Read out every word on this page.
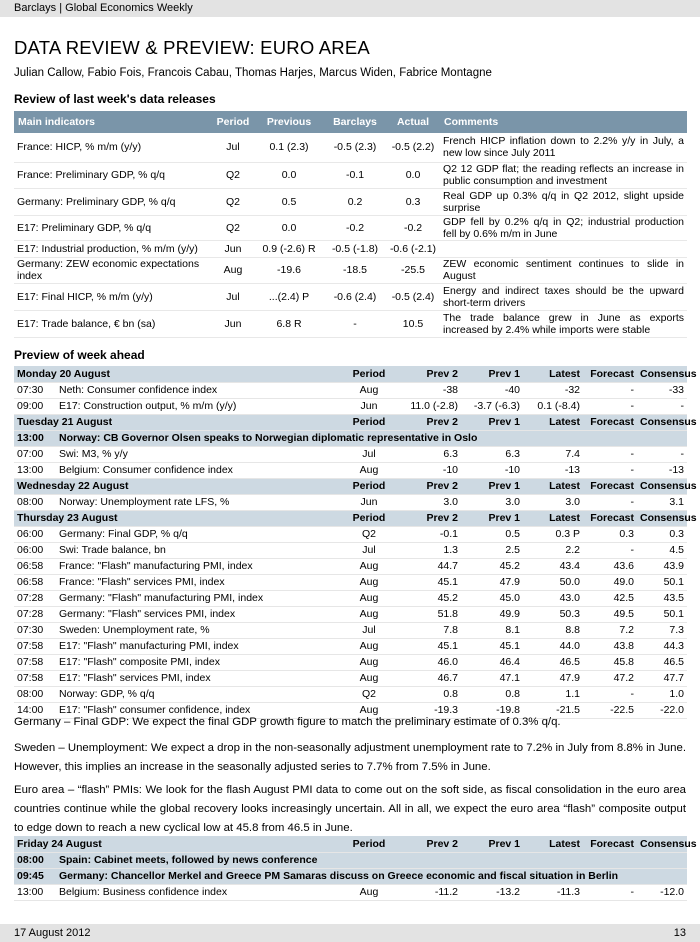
Barclays | Global Economics Weekly
DATA REVIEW & PREVIEW: EURO AREA
Julian Callow, Fabio Fois, Francois Cabau, Thomas Harjes, Marcus Widen, Fabrice Montagne
Review of last week's data releases
Main indicators	Period	Previous	Barclays	Actual	Comments
France: HICP, % m/m (y/y)	Jul	0.1 (2.3)	-0.5 (2.3)	-0.5 (2.2)	French HICP inflation down to 2.2% y/y in July, a new low since July 2011
France: Preliminary GDP, % q/q	Q2	0.0	-0.1	0.0	Q2 12 GDP flat; the reading reflects an increase in public consumption and investment
Germany: Preliminary GDP, % q/q	Q2	0.5	0.2	0.3	Real GDP up 0.3% q/q in Q2 2012, slight upside surprise
E17: Preliminary GDP, % q/q	Q2	0.0	-0.2	-0.2	GDP fell by 0.2% q/q in Q2; industrial production fell by 0.6% m/m in June
E17: Industrial production, % m/m (y/y)	Jun	0.9 (-2.6) R	-0.5 (-1.8)	-0.6 (-2.1)	
Germany: ZEW economic expectations index	Aug	-19.6	-18.5	-25.5	ZEW economic sentiment continues to slide in August
E17: Final HICP, % m/m (y/y)	Jul	...(2.4) P	-0.6 (2.4)	-0.5 (2.4)	Energy and indirect taxes should be the upward short-term drivers
E17: Trade balance, € bn (sa)	Jun	6.8 R	-	10.5	The trade balance grew in June as exports increased by 2.4% while imports were stable
Preview of week ahead
Monday 20 August		Period	Prev 2	Prev 1	Latest	Forecast	Consensus
07:30	Neth: Consumer confidence index	Aug	-38	-40	-32	-	-33
09:00	E17: Construction output, % m/m (y/y)	Jun	11.0 (-2.8)	-3.7 (-6.3)	0.1 (-8.4)	-	-
Tuesday 21 August		Period	Prev 2	Prev 1	Latest	Forecast	Consensus
13:00	Norway: CB Governor Olsen speaks to Norwegian diplomatic representative in Oslo						
07:00	Swi: M3, % y/y	Jul	6.3	6.3	7.4	-	-
13:00	Belgium: Consumer confidence index	Aug	-10	-10	-13	-	-13
Wednesday 22 August		Period	Prev 2	Prev 1	Latest	Forecast	Consensus
08:00	Norway: Unemployment rate LFS, %	Jun	3.0	3.0	3.0	-	3.1
Thursday 23 August		Period	Prev 2	Prev 1	Latest	Forecast	Consensus
06:00	Germany: Final GDP, % q/q	Q2	-0.1	0.5	0.3 P	0.3	0.3
06:00	Swi: Trade balance, bn	Jul	1.3	2.5	2.2	-	4.5
06:58	France: "Flash" manufacturing PMI, index	Aug	44.7	45.2	43.4	43.6	43.9
06:58	France: "Flash" services PMI, index	Aug	45.1	47.9	50.0	49.0	50.1
07:28	Germany: "Flash" manufacturing PMI, index	Aug	45.2	45.0	43.0	42.5	43.5
07:28	Germany: "Flash" services PMI, index	Aug	51.8	49.9	50.3	49.5	50.1
07:30	Sweden: Unemployment rate, %	Jul	7.8	8.1	8.8	7.2	7.3
07:58	E17: "Flash" manufacturing PMI, index	Aug	45.1	45.1	44.0	43.8	44.3
07:58	E17: "Flash" composite PMI, index	Aug	46.0	46.4	46.5	45.8	46.5
07:58	E17: "Flash" services PMI, index	Aug	46.7	47.1	47.9	47.2	47.7
08:00	Norway: GDP, % q/q	Q2	0.8	0.8	1.1	-	1.0
14:00	E17: "Flash" consumer confidence, index	Aug	-19.3	-19.8	-21.5	-22.5	-22.0
Germany – Final GDP: We expect the final GDP growth figure to match the preliminary estimate of 0.3% q/q.
Sweden – Unemployment: We expect a drop in the non-seasonally adjustment unemployment rate to 7.2% in July from 8.8% in June. However, this implies an increase in the seasonally adjusted series to 7.7% from 7.5% in June.
Euro area – “flash” PMIs: We look for the flash August PMI data to come out on the soft side, as fiscal consolidation in the euro area countries continue while the global recovery looks increasingly uncertain. All in all, we expect the euro area “flash” composite output to edge down to reach a new cyclical low at 45.8 from 46.5 in June.
Friday 24 August		Period	Prev 2	Prev 1	Latest	Forecast	Consensus
08:00	Spain: Cabinet meets, followed by news conference						
09:45	Germany: Chancellor Merkel and Greece PM Samaras discuss on Greece economic and fiscal situation in Berlin						
13:00	Belgium: Business confidence index	Aug	-11.2	-13.2	-11.3	-	-12.0
17 August 2012	13
